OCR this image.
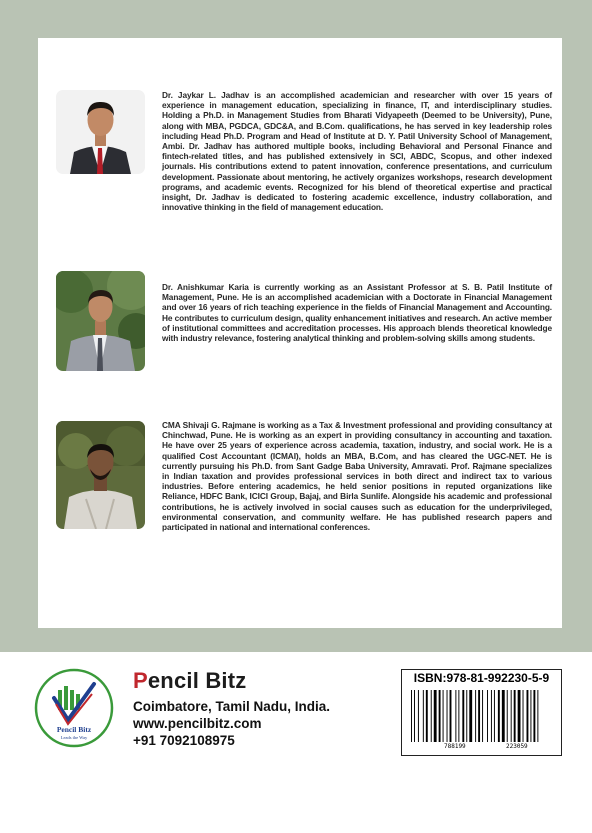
Dr. Jaykar L. Jadhav is an accomplished academician and researcher with over 15 years of experience in management education, specializing in finance, IT, and interdisciplinary studies. Holding a Ph.D. in Management Studies from Bharati Vidyapeeth (Deemed to be University), Pune, along with MBA, PGDCA, GDC&A, and B.Com. qualifications, he has served in key leadership roles including Head Ph.D. Program and Head of Institute at D. Y. Patil University School of Management, Ambi. Dr. Jadhav has authored multiple books, including Behavioral and Personal Finance and fintech-related titles, and has published extensively in SCI, ABDC, Scopus, and other indexed journals. His contributions extend to patent innovation, conference presentations, and curriculum development. Passionate about mentoring, he actively organizes workshops, research development programs, and academic events. Recognized for his blend of theoretical expertise and practical insight, Dr. Jadhav is dedicated to fostering academic excellence, industry collaboration, and innovative thinking in the field of management education.
Dr. Anishkumar Karia is currently working as an Assistant Professor at S. B. Patil Institute of Management, Pune. He is an accomplished academician with a Doctorate in Financial Management and over 16 years of rich teaching experience in the fields of Financial Management and Accounting. He contributes to curriculum design, quality enhancement initiatives and research. An active member of institutional committees and accreditation processes. His approach blends theoretical knowledge with industry relevance, fostering analytical thinking and problem-solving skills among students.
CMA Shivaji G. Rajmane is working as a Tax & Investment professional and providing consultancy at Chinchwad, Pune. He is working as an expert in providing consultancy in accounting and taxation. He have over 25 years of experience across academia, taxation, industry, and social work. He is a qualified Cost Accountant (ICMAI), holds an MBA, B.Com, and has cleared the UGC-NET. He is currently pursuing his Ph.D. from Sant Gadge Baba University, Amravati. Prof. Rajmane specializes in Indian taxation and provides professional services in both direct and indirect tax to various industries. Before entering academics, he held senior positions in reputed organizations like Reliance, HDFC Bank, ICICI Group, Bajaj, and Birla Sunlife. Alongside his academic and professional contributions, he is actively involved in social causes such as education for the underprivileged, environmental conservation, and community welfare. He has published research papers and participated in national and international conferences.
Pencil Bitz
Leads the Way
Pencil Bitz
Coimbatore, Tamil Nadu, India.
www.pencilbitz.com
+91 7092108975
ISBN:978-81-992230-5-9
788199	223059
